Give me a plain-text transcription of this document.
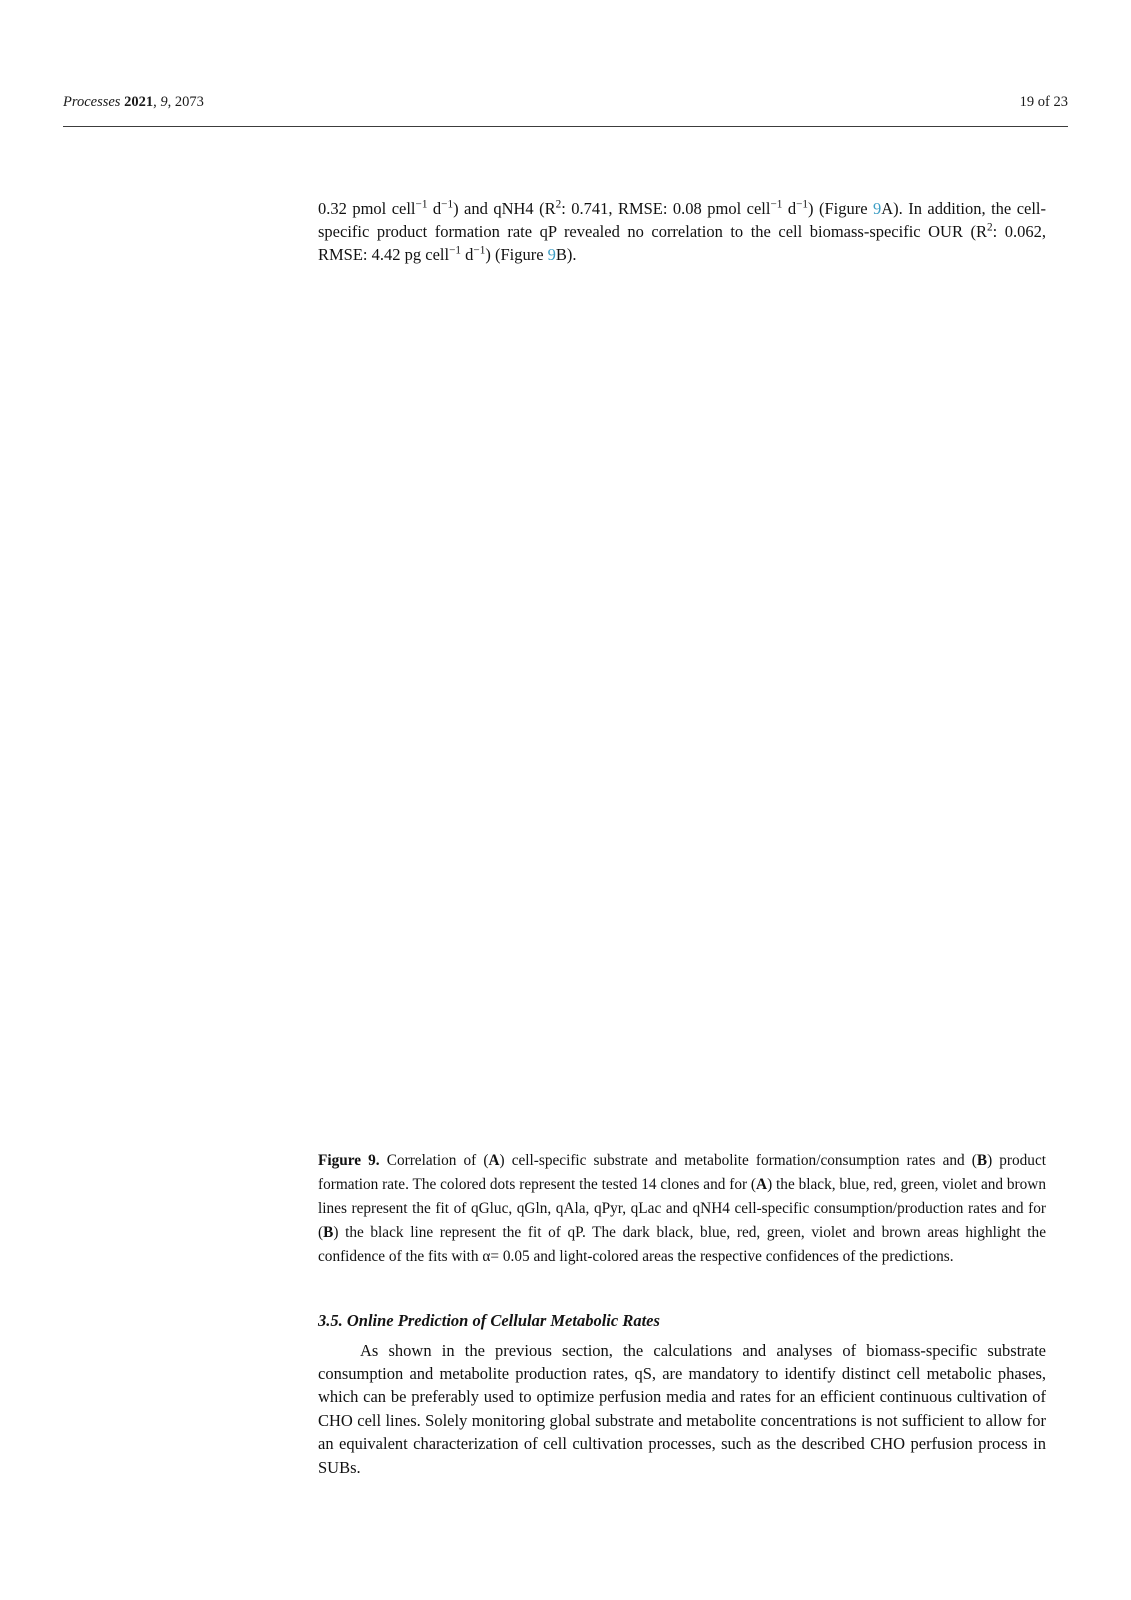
Processes 2021, 9, 2073	19 of 23

0.32 pmol cell$^{-1}$ $d^{-1}$) and qNH4 ($R^2$: 0.741, RMSE: 0.08 pmol cell$^{-1}$ $d^{-1}$) (Figure 9A). In addition, the cell-specific product formation rate qP revealed no correlation to the cell biomass-specific OUR ($R^2$: 0.062, RMSE: 4.42 pg cell$^{-1}$ $d^{-1}$) (Figure 9B).

Figure 9. Correlation of (A) cell-specific substrate and metabolite formation/consumption rates and (B) product formation rate. The colored dots represent the tested 14 clones and for (A) the black, blue, red, green, violet and brown lines represent the fit of qGluc, qGln, qAla, qPyr, qLac and qNH4 cell-specific consumption/production rates and for (B) the black line represent the fit of qP. The dark black, blue, red, green, violet and brown areas highlight the confidence of the fits with α= 0.05 and light-colored areas the respective confidences of the predictions.

3.5. Online Prediction of Cellular Metabolic Rates

As shown in the previous section, the calculations and analyses of biomass-specific substrate consumption and metabolite production rates, qS, are mandatory to identify distinct cell metabolic phases, which can be preferably used to optimize perfusion media and rates for an efficient continuous cultivation of CHO cell lines. Solely monitoring global substrate and metabolite concentrations is not sufficient to allow for an equivalent characterization of cell cultivation processes, such as the described CHO perfusion process in SUBs.
